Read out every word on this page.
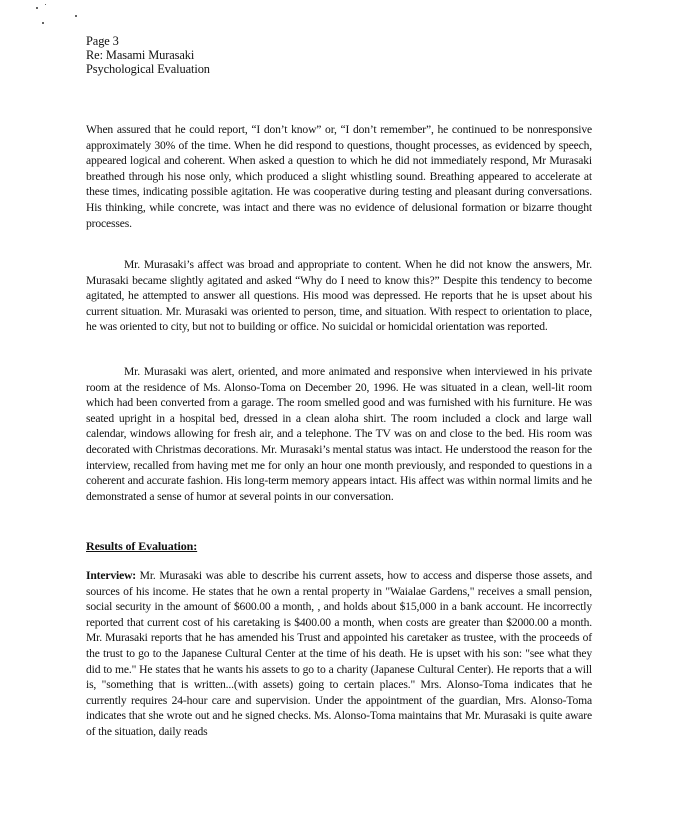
Page 3
Re: Masami Murasaki
Psychological Evaluation

When assured that he could report, “I don’t know” or, “I don’t remember”, he continued to be nonresponsive approximately 30% of the time. When he did respond to questions, thought processes, as evidenced by speech, appeared logical and coherent. When asked a question to which he did not immediately respond, Mr Murasaki breathed through his nose only, which produced a slight whistling sound. Breathing appeared to accelerate at these times, indicating possible agitation. He was cooperative during testing and pleasant during conversations. His thinking, while concrete, was intact and there was no evidence of delusional formation or bizarre thought processes.

Mr. Murasaki’s affect was broad and appropriate to content. When he did not know the answers, Mr. Murasaki became slightly agitated and asked “Why do I need to know this?” Despite this tendency to become agitated, he attempted to answer all questions. His mood was depressed. He reports that he is upset about his current situation. Mr. Murasaki was oriented to person, time, and situation. With respect to orientation to place, he was oriented to city, but not to building or office. No suicidal or homicidal orientation was reported.

Mr. Murasaki was alert, oriented, and more animated and responsive when interviewed in his private room at the residence of Ms. Alonso-Toma on December 20, 1996. He was situated in a clean, well-lit room which had been converted from a garage. The room smelled good and was furnished with his furniture. He was seated upright in a hospital bed, dressed in a clean aloha shirt. The room included a clock and large wall calendar, windows allowing for fresh air, and a telephone. The TV was on and close to the bed. His room was decorated with Christmas decorations. Mr. Murasaki’s mental status was intact. He understood the reason for the interview, recalled from having met me for only an hour one month previously, and responded to questions in a coherent and accurate fashion. His long-term memory appears intact. His affect was within normal limits and he demonstrated a sense of humor at several points in our conversation.

Results of Evaluation:

Interview: Mr. Murasaki was able to describe his current assets, how to access and disperse those assets, and sources of his income. He states that he own a rental property in "Waialae Gardens," receives a small pension, social security in the amount of $600.00 a month, , and holds about $15,000 in a bank account. He incorrectly reported that current cost of his caretaking is $400.00 a month, when costs are greater than $2000.00 a month. Mr. Murasaki reports that he has amended his Trust and appointed his caretaker as trustee, with the proceeds of the trust to go to the Japanese Cultural Center at the time of his death. He is upset with his son: "see what they did to me." He states that he wants his assets to go to a charity (Japanese Cultural Center). He reports that a will is, "something that is written...(with assets) going to certain places." Mrs. Alonso-Toma indicates that he currently requires 24-hour care and supervision. Under the appointment of the guardian, Mrs. Alonso-Toma indicates that she wrote out and he signed checks. Ms. Alonso-Toma maintains that Mr. Murasaki is quite aware of the situation, daily reads
